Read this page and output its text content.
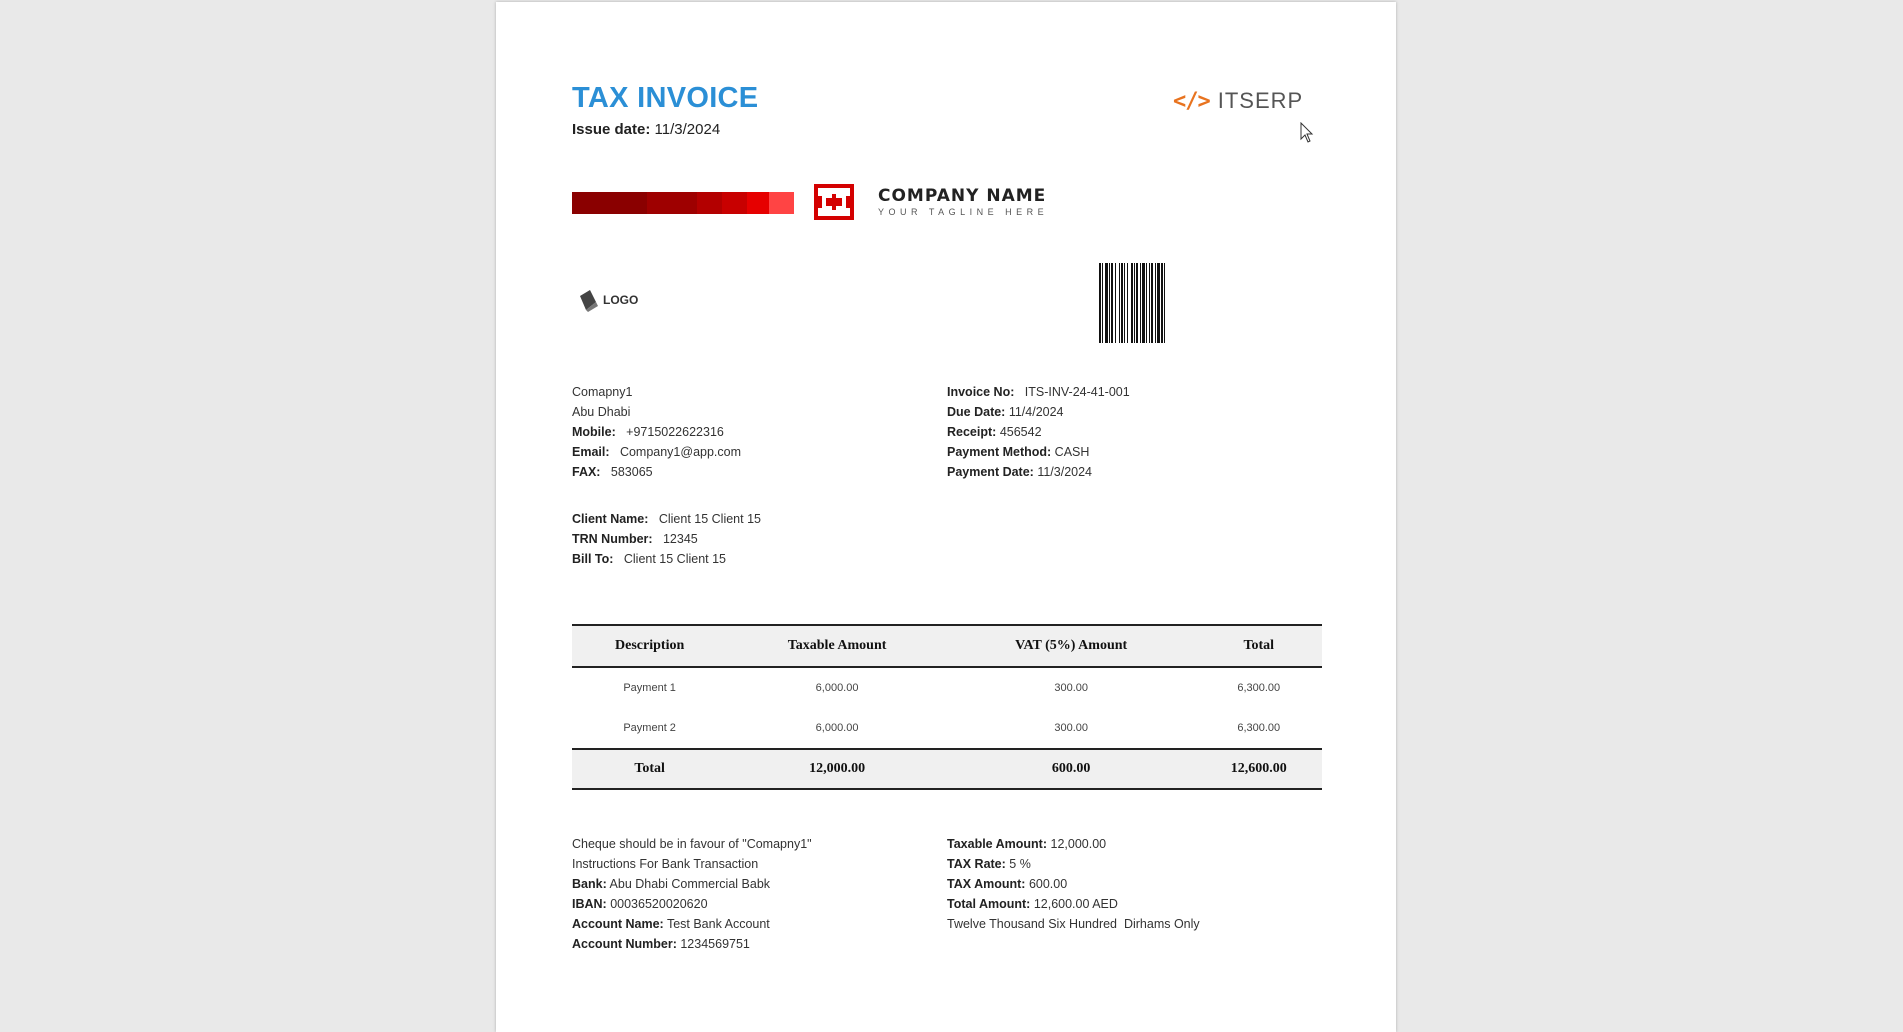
TAX INVOICE
Issue date: 11/3/2024
</> ITSERP
COMPANY NAME
YOUR TAGLINE HERE
LOGO
Comapny1
Abu Dhabi
Mobile: +9715022622316
Email: Company1@app.com
FAX: 583065
Invoice No: ITS-INV-24-41-001
Due Date: 11/4/2024
Receipt: 456542
Payment Method: CASH
Payment Date: 11/3/2024
Client Name: Client 15 Client 15
TRN Number: 12345
Bill To: Client 15 Client 15
Description	Taxable Amount	VAT (5%) Amount	Total
Payment 1	6,000.00	300.00	6,300.00
Payment 2	6,000.00	300.00	6,300.00
Total	12,000.00	600.00	12,600.00
Cheque should be in favour of "Comapny1"
Instructions For Bank Transaction
Bank: Abu Dhabi Commercial Babk
IBAN: 00036520020620
Account Name: Test Bank Account
Account Number: 1234569751
Taxable Amount: 12,000.00
TAX Rate: 5 %
TAX Amount: 600.00
Total Amount: 12,600.00 AED
Twelve Thousand Six Hundred  Dirhams Only
